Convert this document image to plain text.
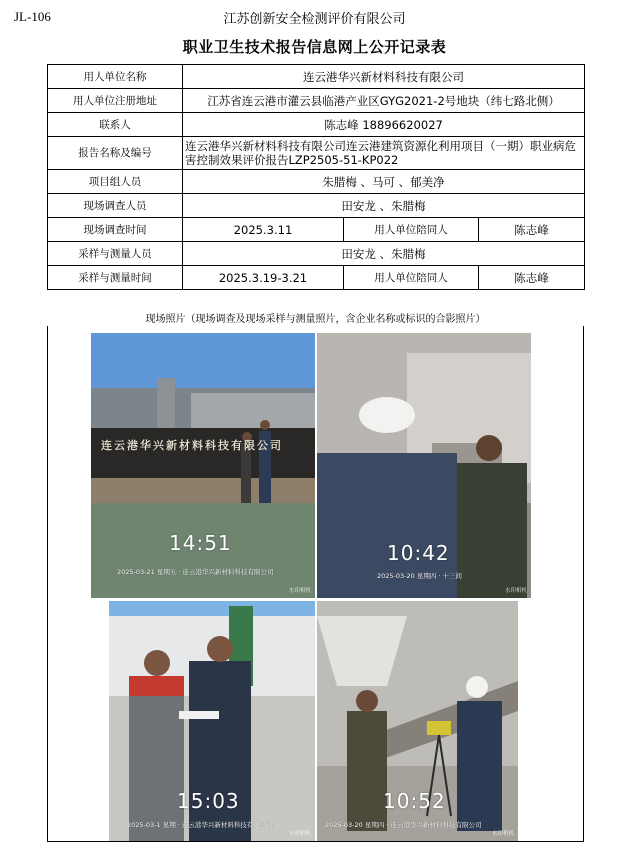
JL-106	江苏创新安全检测评价有限公司
职业卫生技术报告信息网上公开记录表
用人单位名称	连云港华兴新材料科技有限公司		
用人单位注册地址	江苏省连云港市灌云县临港产业区GYG2021-2号地块（纬七路北侧）		
联系人	陈志峰 18896620027		
报告名称及编号	连云港华兴新材料科技有限公司连云港建筑资源化利用项目（一期）职业病危害控制效果评价报告LZP2505-51-KP022		
项目组人员	朱腊梅 、马可 、郁美净		
现场调查人员	田安龙 、朱腊梅		
现场调查时间	2025.3.11	用人单位陪同人	陈志峰
采样与测量人员	田安龙 、朱腊梅		
采样与测量时间	2025.3.19-3.21	用人单位陪同人	陈志峰
现场照片（现场调查及现场采样与测量照片，含企业名称或标识的合影照片）
连云港华兴新材料科技有限公司
14:51
2025-03-21 星期五 · 连云港华兴新材料科技有限公司
水印相机
10:42
2025-03-20 星期四 · 十三间
水印相机
15:03
2025-03-1 星期 · 连云港华兴新材料科技有限公司
水印相机
10:52
2025-03-20 星期四 · 连云港华兴新材料科技有限公司
水印相机
